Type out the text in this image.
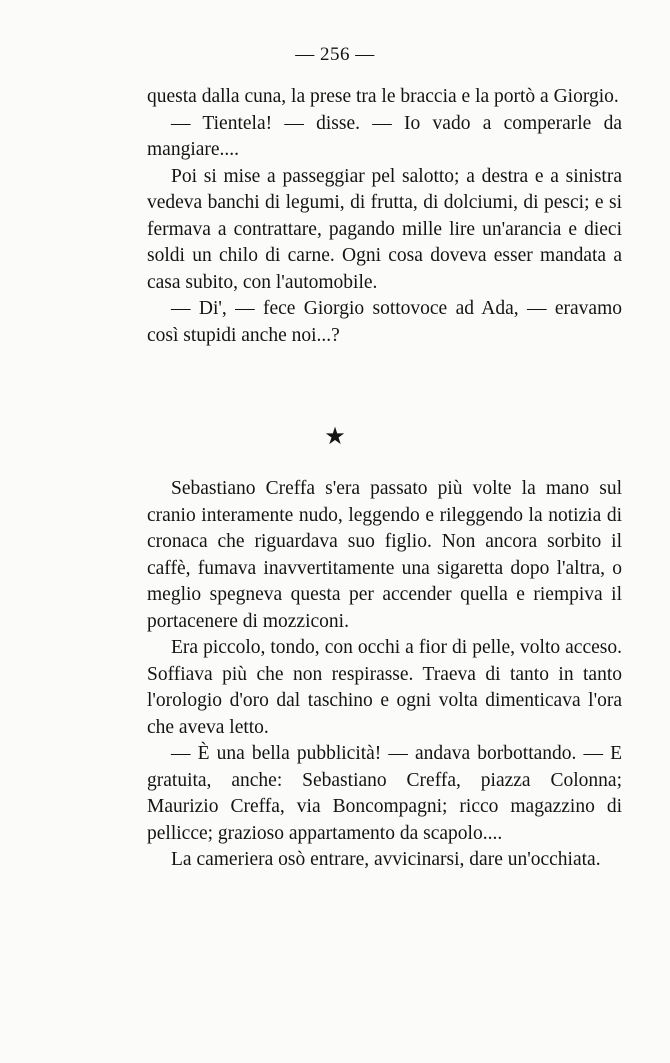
— 256 —

questa dalla cuna, la prese tra le braccia e la portò a Giorgio.

— Tientela! — disse. — Io vado a comperarle da mangiare....

Poi si mise a passeggiar pel salotto; a destra e a sinistra vedeva banchi di legumi, di frutta, di dolciumi, di pesci; e si fermava a contrattare, pagando mille lire un'arancia e dieci soldi un chilo di carne. Ogni cosa doveva esser mandata a casa subito, con l'automobile.

— Di', — fece Giorgio sottovoce ad Ada, — eravamo così stupidi anche noi...?

★

Sebastiano Creffa s'era passato più volte la mano sul cranio interamente nudo, leggendo e rileggendo la notizia di cronaca che riguardava suo figlio. Non ancora sorbito il caffè, fumava inavvertitamente una sigaretta dopo l'altra, o meglio spegneva questa per accender quella e riempiva il portacenere di mozziconi.

Era piccolo, tondo, con occhi a fior di pelle, volto acceso. Soffiava più che non respirasse. Traeva di tanto in tanto l'orologio d'oro dal taschino e ogni volta dimenticava l'ora che aveva letto.

— È una bella pubblicità! — andava borbottando. — E gratuita, anche: Sebastiano Creffa, piazza Colonna; Maurizio Creffa, via Boncompagni; ricco magazzino di pellicce; grazioso appartamento da scapolo....

La cameriera osò entrare, avvicinarsi, dare un'occhiata.
